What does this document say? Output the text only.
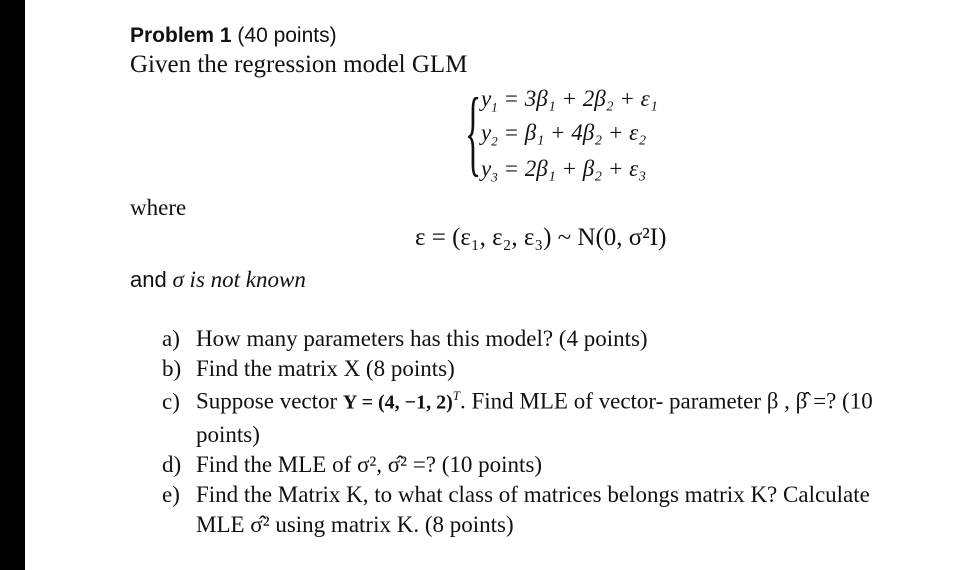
Problem 1 (40 points)
Given the regression model GLM
{ $y_1 = 3\beta_1 + 2\beta_2 + \varepsilon_1$
$y_2 = \beta_1 + 4\beta_2 + \varepsilon_2$
$y_3 = 2\beta_1 + \beta_2 + \varepsilon_3$
where
ε = (ε₁, ε₂, ε₃) ~ N(0, σ²I)
and σ is not known
a) How many parameters has this model? (4 points)
b) Find the matrix X (8 points)
c) Suppose vector Y = (4, −1, 2)$^T$. Find MLE of vector- parameter β , β̂ =? (10
points)
d) Find the MLE of σ², σ̂² =? (10 points)
e) Find the Matrix K, to what class of matrices belongs matrix K? Calculate
MLE σ̂² using matrix K. (8 points)
